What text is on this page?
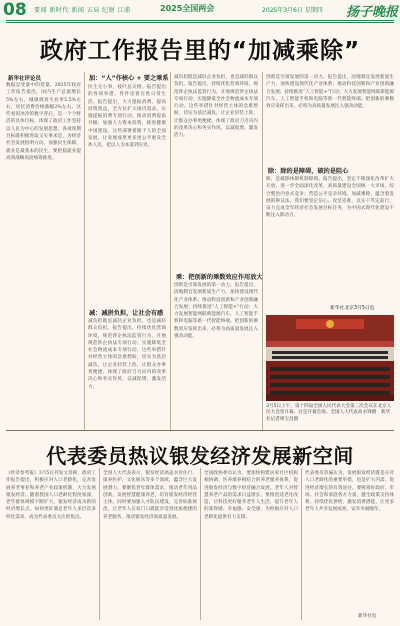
08 要闻 新时代 新闻 五局 纪财 江浦	2025全国两会	2025年3月6日 星期四 扬子晚报
政府工作报告里的“加减乘除”
新华社评论员
数据是变量中的常量。2025年政府工作报告提出，国内生产总值增长5%左右，城镇调查失业率5.5%左右，居民消费价格涨幅2%左右。这些看似冰冷的数字背后，是一个个鲜活的具体目标，体现了政府工作坚持以人民为中心的发展思想。各项预期目标既积极进取又实事求是，为经济社会发展指明方向。加强民生保障，就业是最基本的民生，要把稳就业提高到战略高度统筹推进。
加：“人”作核心 + 要之乘系
民生无小事，枝叶总关情。报告提出的各项举措，件件连着百姓日常生活。报告提出，大力提振消费、提高投资效益，全方位扩大国内需求。实施提振消费专项行动，推动消费提质升级；加强人力资本投资，推进健康中国建设。这些部署着眼于人的全面发展，让发展成果更多更公平惠及全体人民，把以人为本落到实处。
减：减拼负担，让社会有感
减负担既是减轻企业负担，也是减轻群众负担。报告提出，持续优化营商环境，规范涉企执法监管行为，开展规范涉企执法专项行动；实施降低全社会物流成本专项行动。这些举措针对经营主体的急难愁盼，切实为基层减负，让企业轻装上阵，让群众办事更便捷，体现了政府刀刃向内的改革决心和务实作风，以减促增，激发活力。
减负担既是减轻企业负担，也是减轻群众负担。报告提出，持续优化营商环境，规范涉企执法监管行为，开展规范涉企执法专项行动；实施降低全社会物流成本专项行动。这些举措针对经营主体的急难愁盼，切实为基层减负，让企业轻装上阵，让群众办事更便捷，体现了政府刀刃向内的改革决心和务实作风，以减促增，激发活力。
乘：把创新的乘数效应作用放大
创新是引领发展的第一动力。报告提出，因地制宜发展新质生产力，加快建设现代化产业体系；推动科技创新和产业创新融合发展；持续推进“人工智能+”行动；大力发展智能网联新能源汽车、人工智能手机和电脑等新一代智能终端。把创新的乘数效应发挥出来，必将为高质量发展注入强劲动能。
创新是引领发展的第一动力。报告提出，因地制宜发展新质生产力，加快建设现代化产业体系；推动科技创新和产业创新融合发展；持续推进“人工智能+”行动；大力发展智能网联新能源汽车、人工智能手机和电脑等新一代智能终端。把创新的乘数效应发挥出来，必将为高质量发展注入强劲动能。
除：除的是障碍，破的是阻心
除，是破除体制机制障碍。报告提出，坚定不移深化改革扩大开放，进一步全面深化改革，高质量建设全国统一大市场，综合整治内卷式竞争；营造公平竞争环境。加减乘除，蕴含着发展的辩证法。我们要坚定信心、攻坚克难，以实干笃定前行，奋力完成全年经济社会发展目标任务，为中国式现代化建设不断注入新动力。
新华社北京3月5日电
3月5日上午，第十四届全国人民代表大会第三次会议在北京人民大会堂开幕。这是开幕会场。全国人大代表高永锋摄　新华社记者周宝昌摄
代表委员热议银发经济发展新空间
《经济参考报》3月5日刊发文章称，政府工作报告提出，积极应对人口老龄化，完善发展养老事业和养老产业政策机制，大力发展银发经济。随着我国人口老龄化程度加深，老年群体规模不断扩大，银发经济成为新的经济增长点。如何更好满足老年人多层次多样化需求，成为代表委员关注的焦点。
全国人大代表表示，银发经济涵盖衣食住行、康养医护、文化娱乐等多个领域，蕴含巨大发展潜力。要聚焦老年群体需求，推动老年用品创新，发展智慧健康养老，培育银发经济经营主体。同时要加强人才队伍建设，完善标准规范，让老年人在家门口就能享受到优质便捷的养老服务，推动银发经济高质量发展。
全国政协委员认为，要加快构建居家社区机构相协调、医养康养相结合的养老服务体系，促进银发经济与数字经济融合发展。老年人对智慧养老产品的需求日益增长，要推进适老化改造，让科技更好服务老年人生活，提升老年人的获得感、幸福感、安全感，为积极应对人口老龄化提供有力支撑。
代表委员普遍认为，发展银发经济既是应对人口老龄化的重要举措，也是扩大内需、促进经济增长的有效途径。要统筹好政府、市场、社会和家庭各方力量，健全政策支持体系，持续优化供给，激发消费潜能，让更多老年人共享发展成果，安享幸福晚年。
新华社电
